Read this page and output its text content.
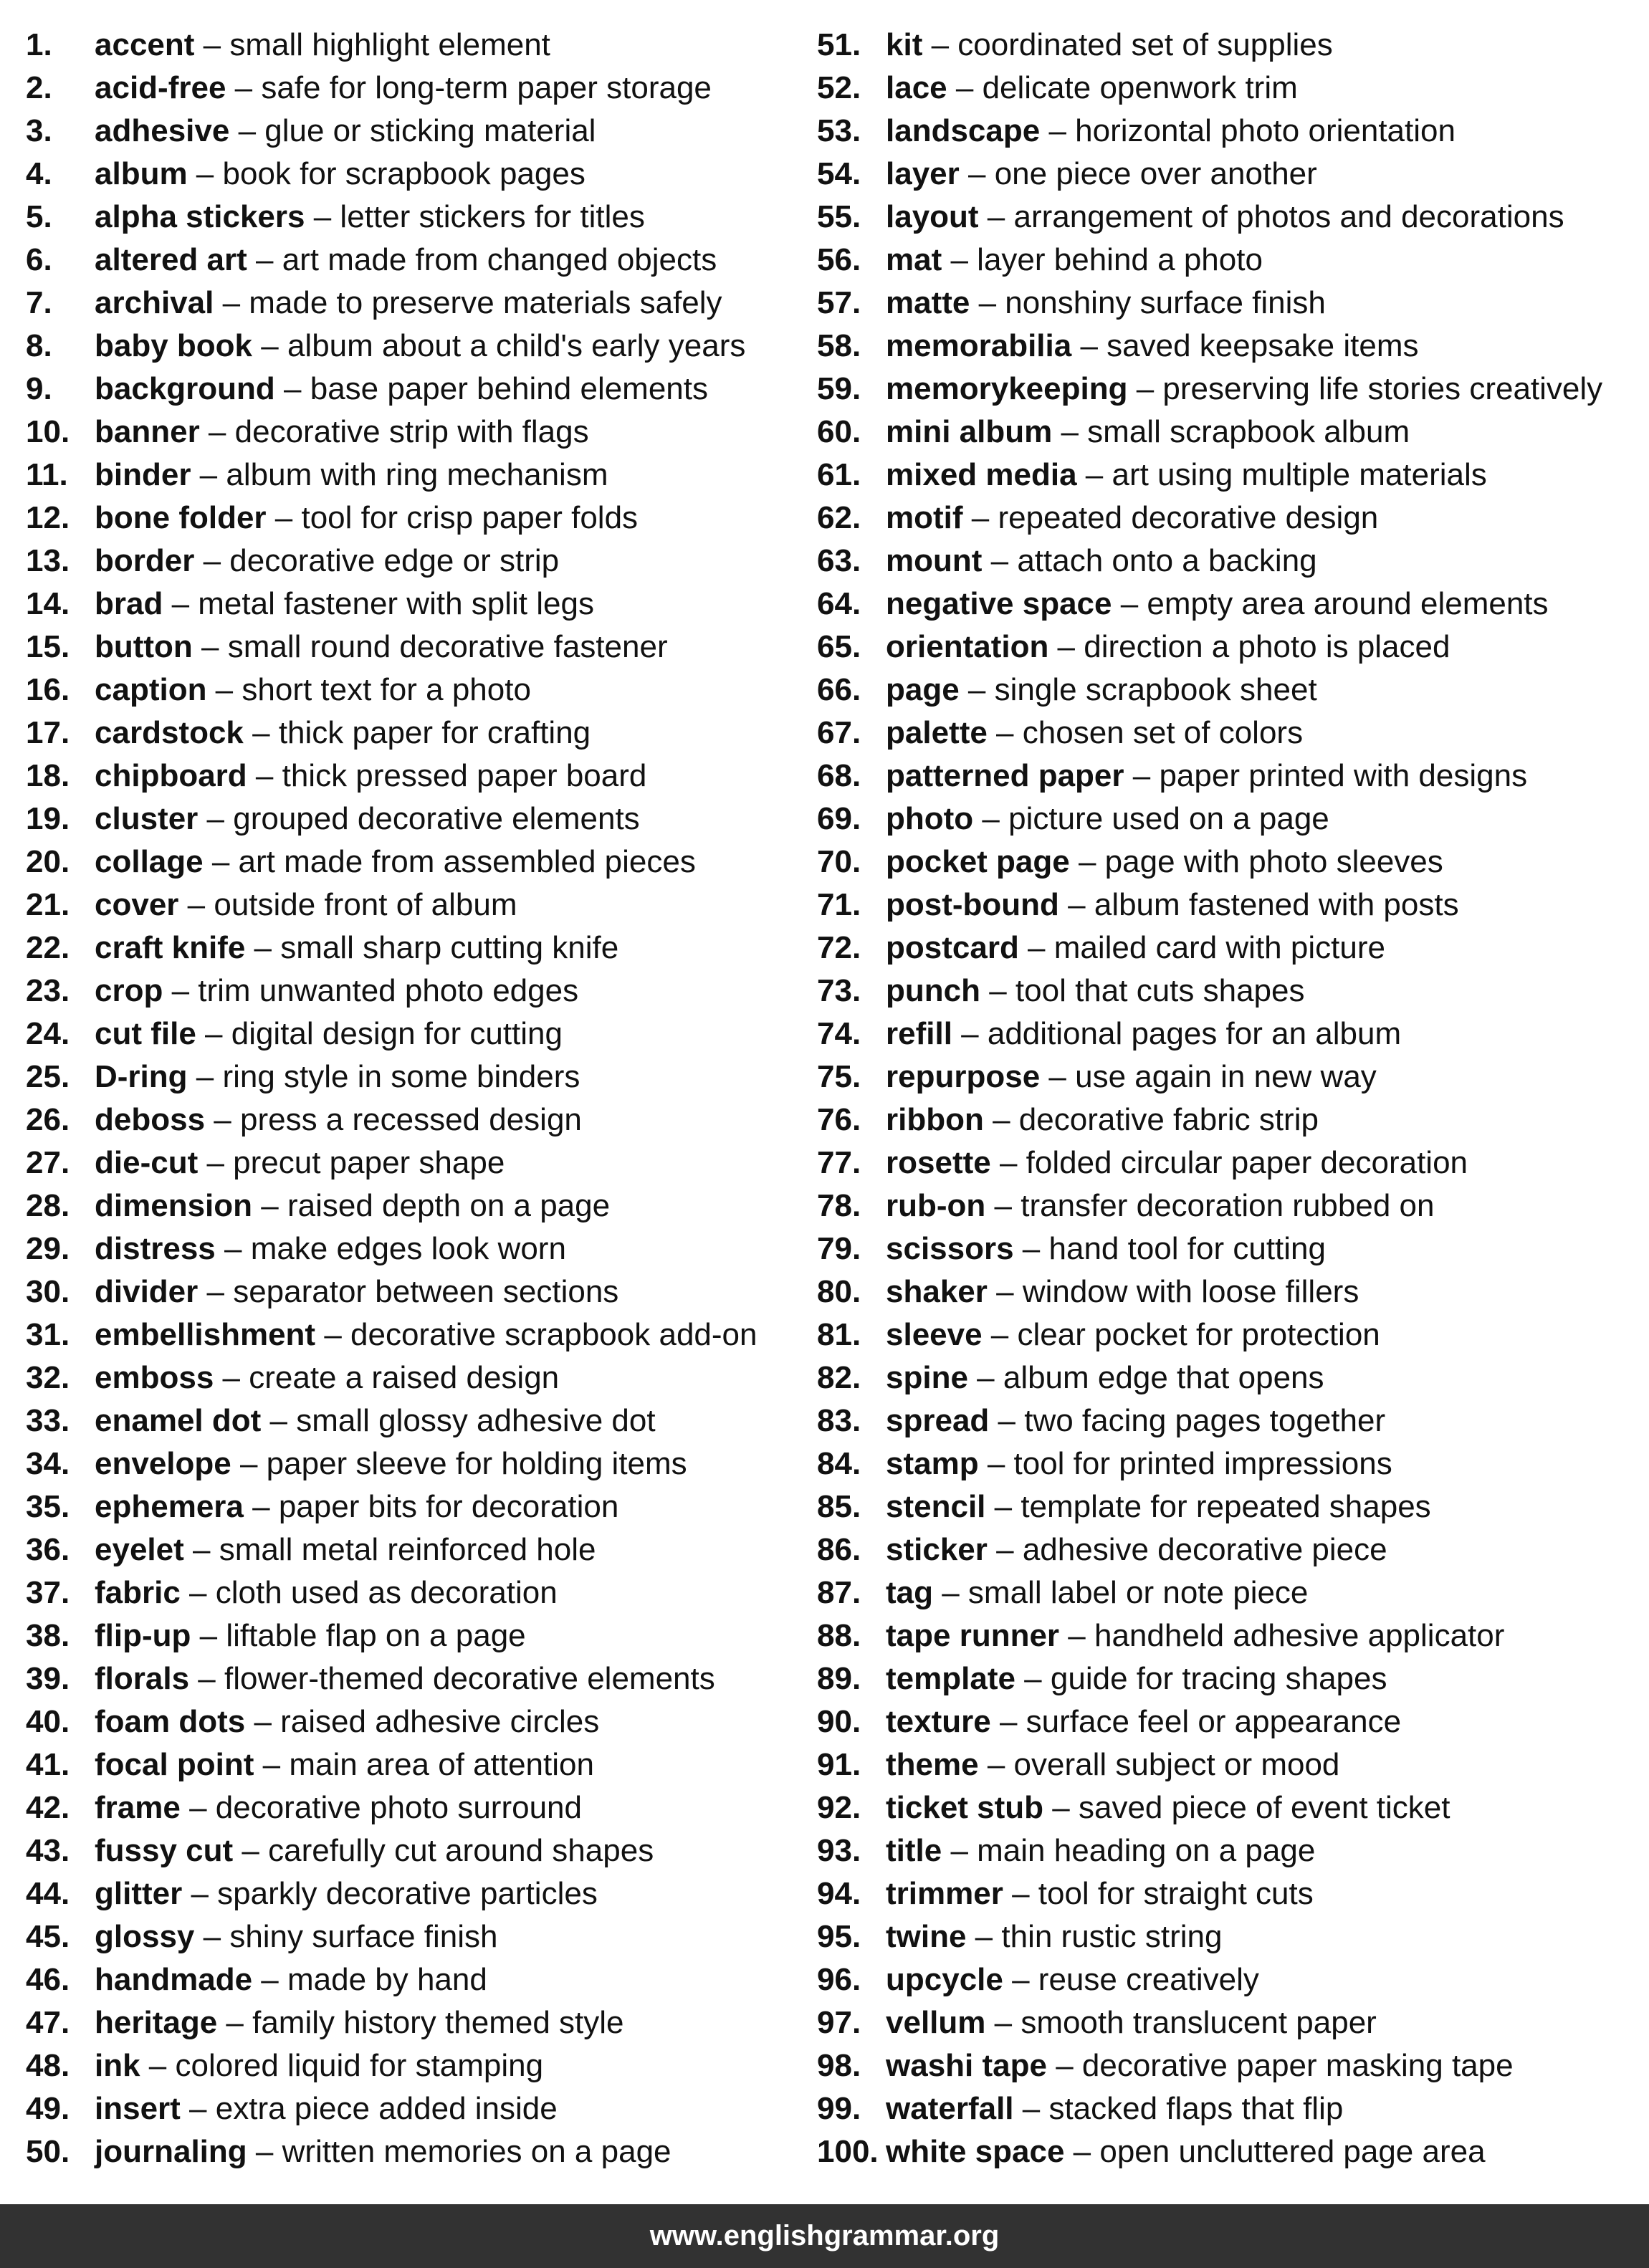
1.	accent – small highlight element
2.	acid-free – safe for long-term paper storage
3.	adhesive – glue or sticking material
4.	album – book for scrapbook pages
5.	alpha stickers – letter stickers for titles
6.	altered art – art made from changed objects
7.	archival – made to preserve materials safely
8.	baby book – album about a child's early years
9.	background – base paper behind elements
10. banner – decorative strip with flags
11. binder – album with ring mechanism
12. bone folder – tool for crisp paper folds
13. border – decorative edge or strip
14. brad – metal fastener with split legs
15. button – small round decorative fastener
16. caption – short text for a photo
17. cardstock – thick paper for crafting
18. chipboard – thick pressed paper board
19. cluster – grouped decorative elements
20. collage – art made from assembled pieces
21. cover – outside front of album
22. craft knife – small sharp cutting knife
23. crop – trim unwanted photo edges
24. cut file – digital design for cutting
25. D-ring – ring style in some binders
26. deboss – press a recessed design
27. die-cut – precut paper shape
28. dimension – raised depth on a page
29. distress – make edges look worn
30. divider – separator between sections
31. embellishment – decorative scrapbook add-on
32. emboss – create a raised design
33. enamel dot – small glossy adhesive dot
34. envelope – paper sleeve for holding items
35. ephemera – paper bits for decoration
36. eyelet – small metal reinforced hole
37. fabric – cloth used as decoration
38. flip-up – liftable flap on a page
39. florals – flower-themed decorative elements
40. foam dots – raised adhesive circles
41. focal point – main area of attention
42. frame – decorative photo surround
43. fussy cut – carefully cut around shapes
44. glitter – sparkly decorative particles
45. glossy – shiny surface finish
46. handmade – made by hand
47. heritage – family history themed style
48. ink – colored liquid for stamping
49. insert – extra piece added inside
50. journaling – written memories on a page
51. kit – coordinated set of supplies
52. lace – delicate openwork trim
53. landscape – horizontal photo orientation
54. layer – one piece over another
55. layout – arrangement of photos and decorations
56. mat – layer behind a photo
57. matte – nonshiny surface finish
58. memorabilia – saved keepsake items
59. memorykeeping – preserving life stories creatively
60. mini album – small scrapbook album
61. mixed media – art using multiple materials
62. motif – repeated decorative design
63. mount – attach onto a backing
64. negative space – empty area around elements
65. orientation – direction a photo is placed
66. page – single scrapbook sheet
67. palette – chosen set of colors
68. patterned paper – paper printed with designs
69. photo – picture used on a page
70. pocket page – page with photo sleeves
71. post-bound – album fastened with posts
72. postcard – mailed card with picture
73. punch – tool that cuts shapes
74. refill – additional pages for an album
75. repurpose – use again in new way
76. ribbon – decorative fabric strip
77. rosette – folded circular paper decoration
78. rub-on – transfer decoration rubbed on
79. scissors – hand tool for cutting
80. shaker – window with loose fillers
81. sleeve – clear pocket for protection
82. spine – album edge that opens
83. spread – two facing pages together
84. stamp – tool for printed impressions
85. stencil – template for repeated shapes
86. sticker – adhesive decorative piece
87. tag – small label or note piece
88. tape runner – handheld adhesive applicator
89. template – guide for tracing shapes
90. texture – surface feel or appearance
91. theme – overall subject or mood
92. ticket stub – saved piece of event ticket
93. title – main heading on a page
94. trimmer – tool for straight cuts
95. twine – thin rustic string
96. upcycle – reuse creatively
97. vellum – smooth translucent paper
98. washi tape – decorative paper masking tape
99. waterfall – stacked flaps that flip
100. white space – open uncluttered page area
www.englishgrammar.org
